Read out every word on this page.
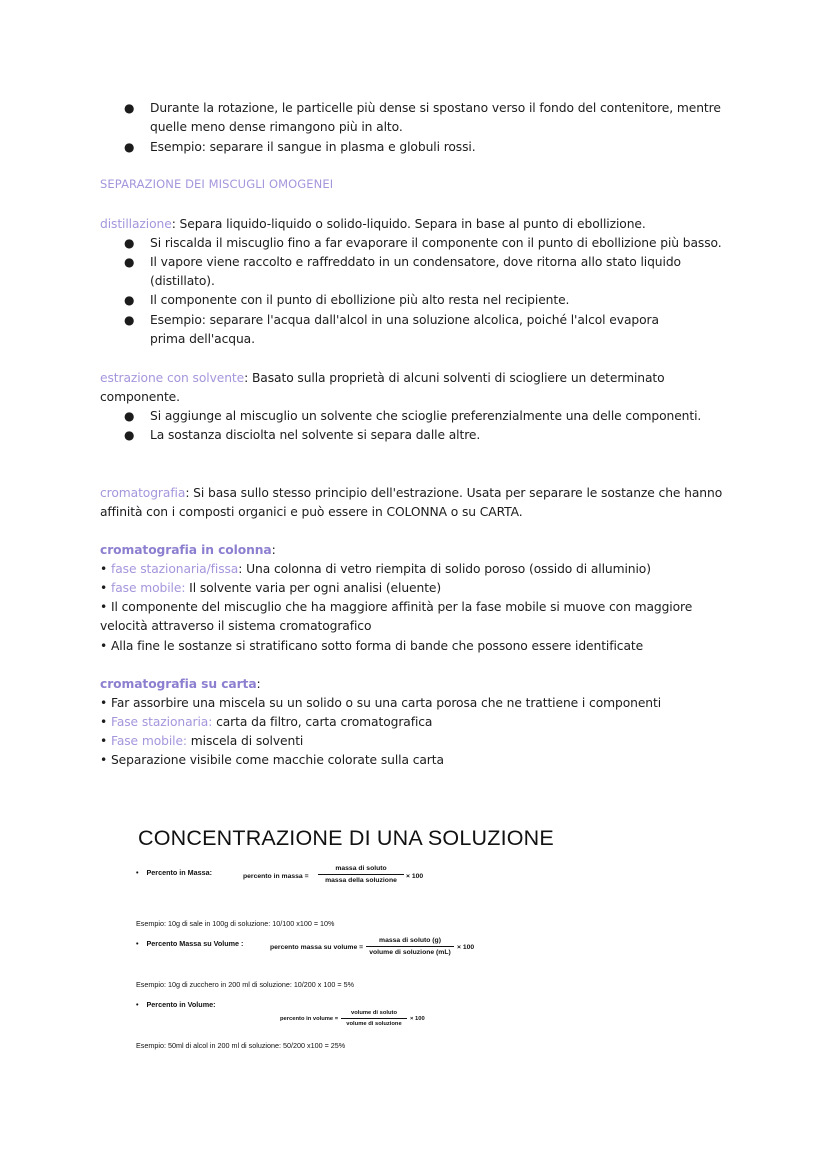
● Durante la rotazione, le particelle più dense si spostano verso il fondo del contenitore, mentre quelle meno dense rimangono più in alto.
● Esempio: separare il sangue in plasma e globuli rossi.
SEPARAZIONE DEI MISCUGLI OMOGENEI
distillazione: Separa liquido-liquido o solido-liquido. Separa in base al punto di ebollizione.
● Si riscalda il miscuglio fino a far evaporare il componente con il punto di ebollizione più basso.
● Il vapore viene raccolto e raffreddato in un condensatore, dove ritorna allo stato liquido (distillato).
● Il componente con il punto di ebollizione più alto resta nel recipiente.
● Esempio: separare l'acqua dall'alcol in una soluzione alcolica, poiché l'alcol evapora prima dell'acqua.
estrazione con solvente: Basato sulla proprietà di alcuni solventi di sciogliere un determinato componente.
● Si aggiunge al miscuglio un solvente che scioglie preferenzialmente una delle componenti.
● La sostanza disciolta nel solvente si separa dalle altre.
cromatografia: Si basa sullo stesso principio dell'estrazione. Usata per separare le sostanze che hanno affinità con i composti organici e può essere in COLONNA o su CARTA.
cromatografia in colonna:
• fase stazionaria/fissa: Una colonna di vetro riempita di solido poroso (ossido di alluminio)
• fase mobile: Il solvente varia per ogni analisi (eluente)
• Il componente del miscuglio che ha maggiore affinità per la fase mobile si muove con maggiore velocità attraverso il sistema cromatografico
• Alla fine le sostanze si stratificano sotto forma di bande che possono essere identificate
cromatografia su carta:
• Far assorbire una miscela su un solido o su una carta porosa che ne trattiene i componenti
• Fase stazionaria: carta da filtro, carta cromatografica
• Fase mobile: miscela di solventi
• Separazione visibile come macchie colorate sulla carta
CONCENTRAZIONE DI UNA SOLUZIONE
•    Percento in Massa:	percento in massa =
massa di soluto
massa della soluzione
× 100
Esempio: 10g di sale in 100g di soluzione: 10/100 x100 = 10%
•    Percento Massa su Volume :	percento massa su volume =
massa di soluto (g)
volume di soluzione (mL)
× 100
Esempio: 10g di zucchero in 200 ml di soluzione: 10/200 x 100 = 5%
•    Percento in Volume:
percento in volume =
volume di soluto
volume di soluzione
× 100
Esempio: 50ml di alcol in 200 ml di soluzione: 50/200 x100 = 25%
